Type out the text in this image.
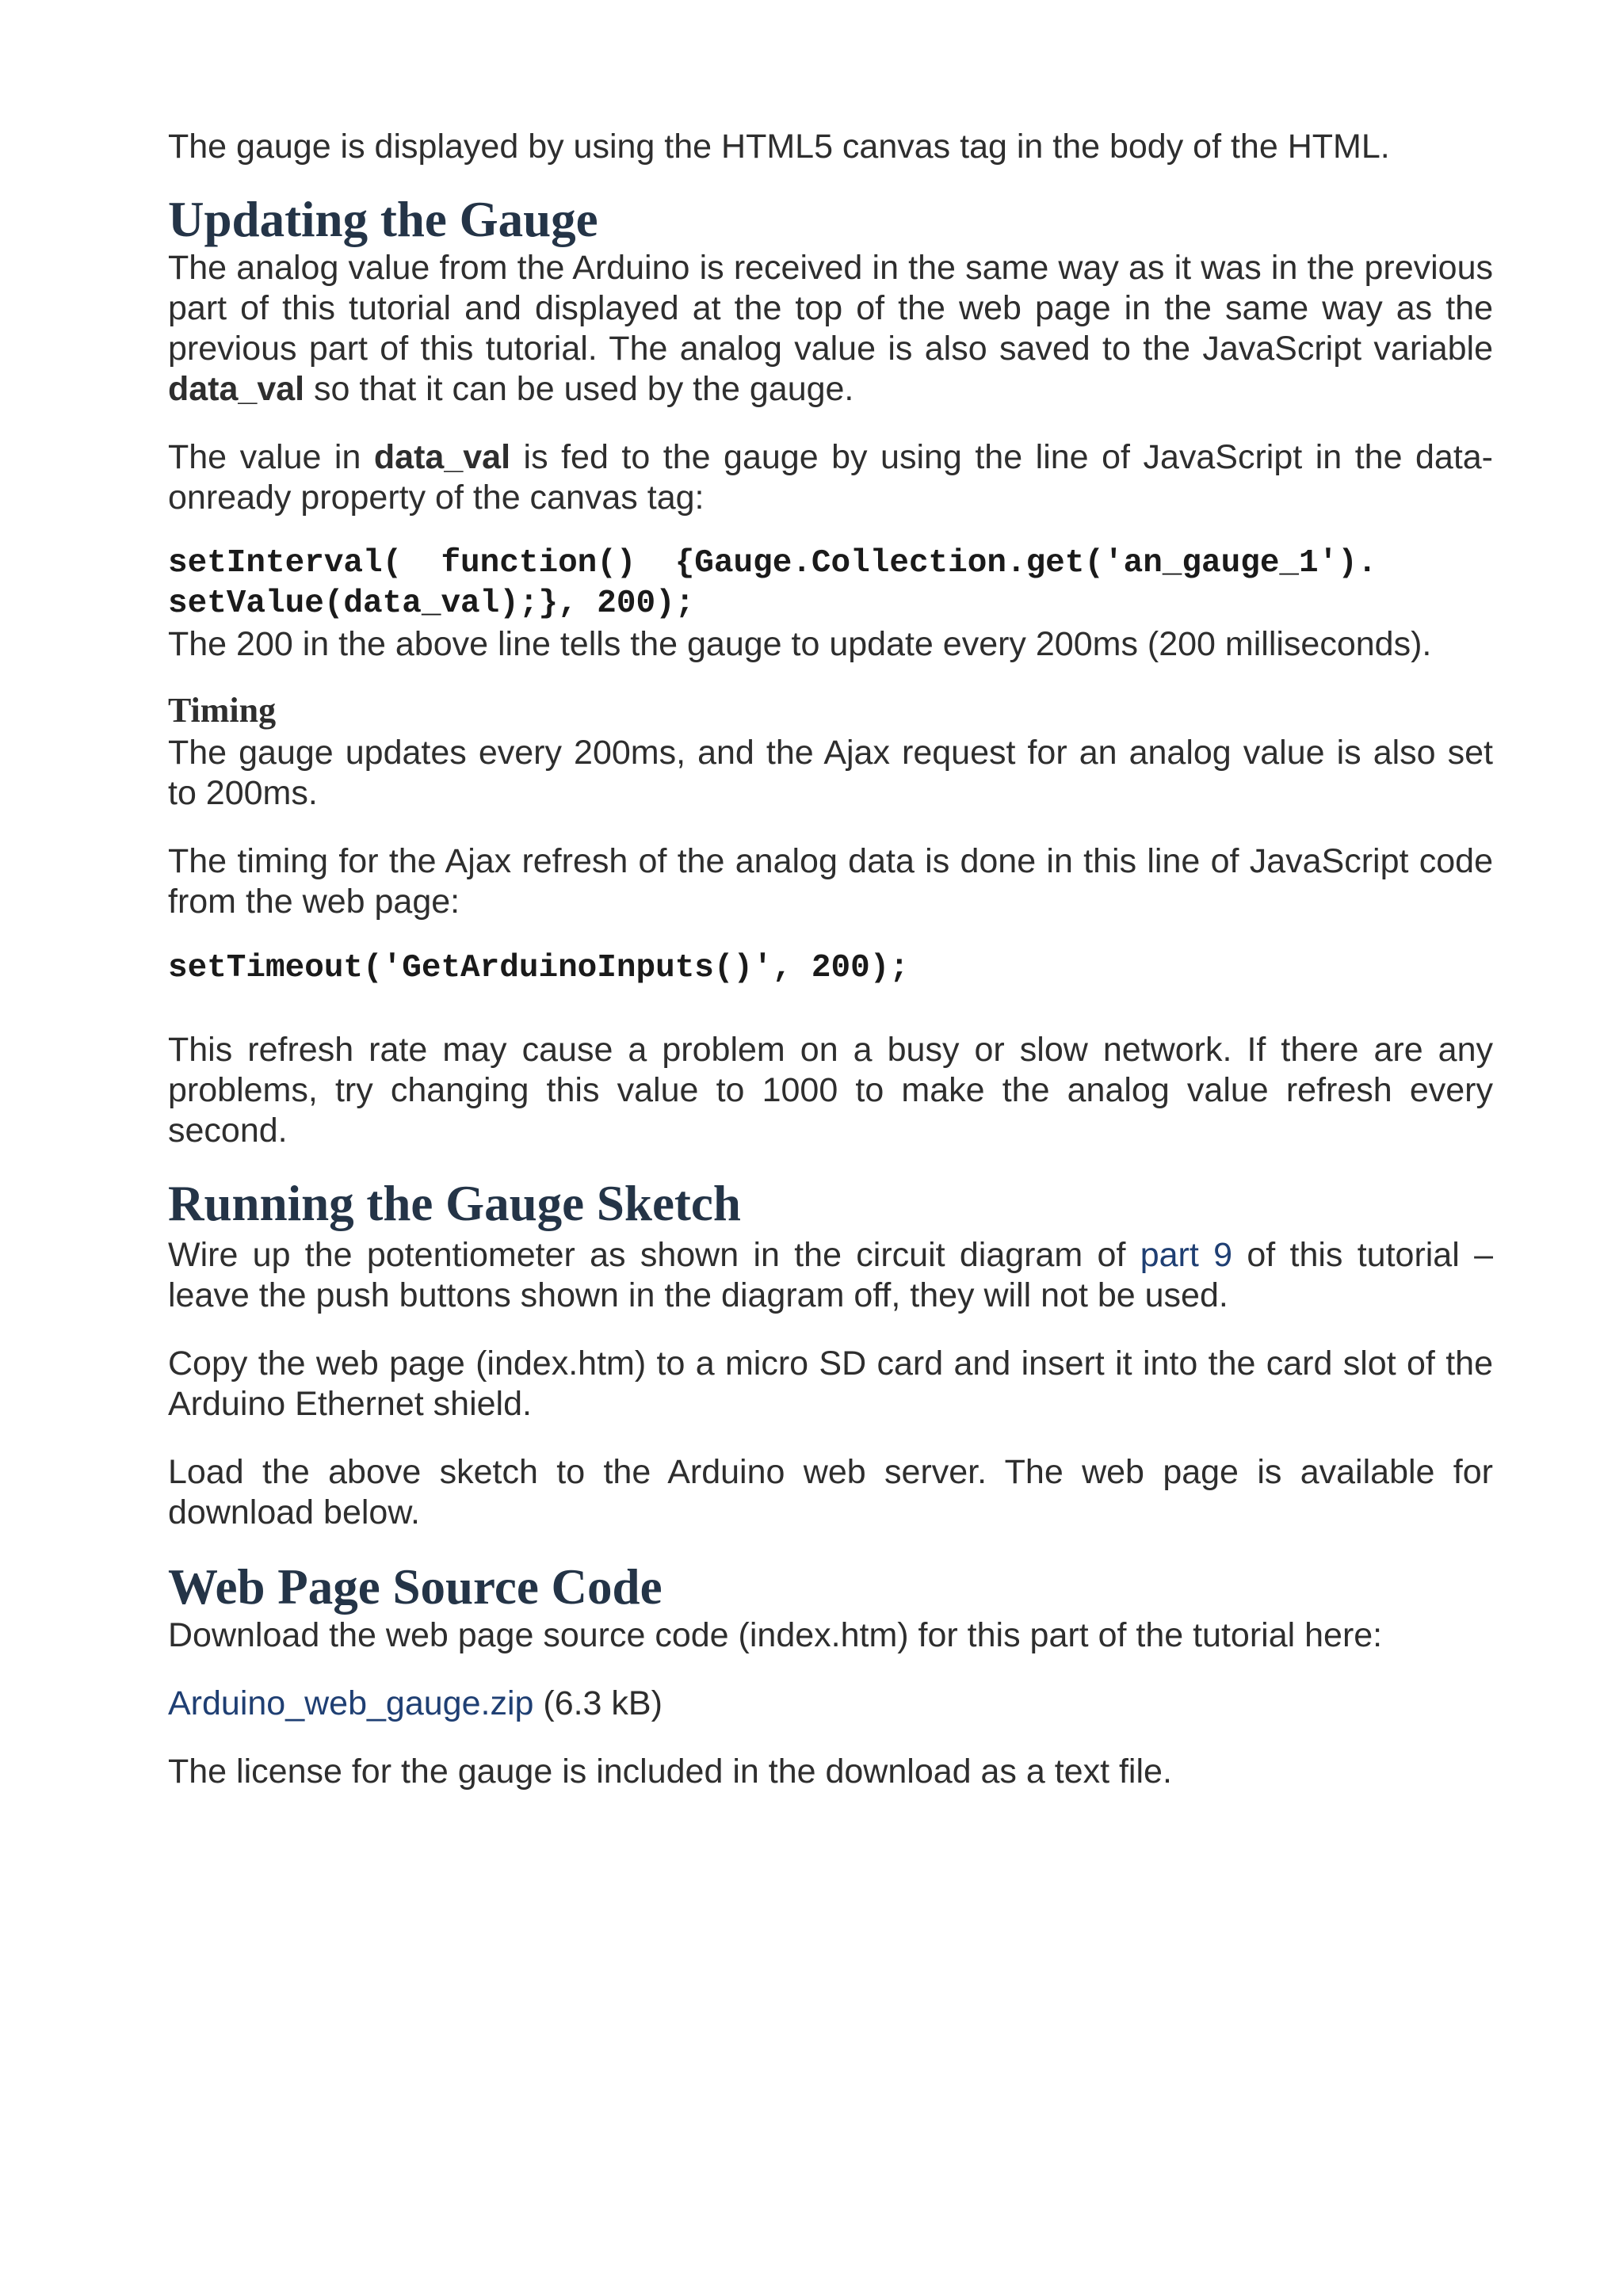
The gauge is displayed by using the HTML5 canvas tag in the body of the HTML.

Updating the Gauge

The analog value from the Arduino is received in the same way as it was in the previous part of this tutorial and displayed at the top of the web page in the same way as the previous part of this tutorial. The analog value is also saved to the JavaScript variable data_val so that it can be used by the gauge.

The value in data_val is fed to the gauge by using the line of JavaScript in the data-onready property of the canvas tag:

setInterval(  function()  {Gauge.Collection.get('an_gauge_1').
setValue(data_val);}, 200);

The 200 in the above line tells the gauge to update every 200ms (200 milliseconds).

Timing

The gauge updates every 200ms, and the Ajax request for an analog value is also set to 200ms.

The timing for the Ajax refresh of the analog data is done in this line of JavaScript code from the web page:

setTimeout('GetArduinoInputs()', 200);

This refresh rate may cause a problem on a busy or slow network. If there are any problems, try changing this value to 1000 to make the analog value refresh every second.

Running the Gauge Sketch

Wire up the potentiometer as shown in the circuit diagram of part 9 of this tutorial – leave the push buttons shown in the diagram off, they will not be used.

Copy the web page (index.htm) to a micro SD card and insert it into the card slot of the Arduino Ethernet shield.

Load the above sketch to the Arduino web server. The web page is available for download below.

Web Page Source Code

Download the web page source code (index.htm) for this part of the tutorial here:

Arduino_web_gauge.zip (6.3 kB)

The license for the gauge is included in the download as a text file.
